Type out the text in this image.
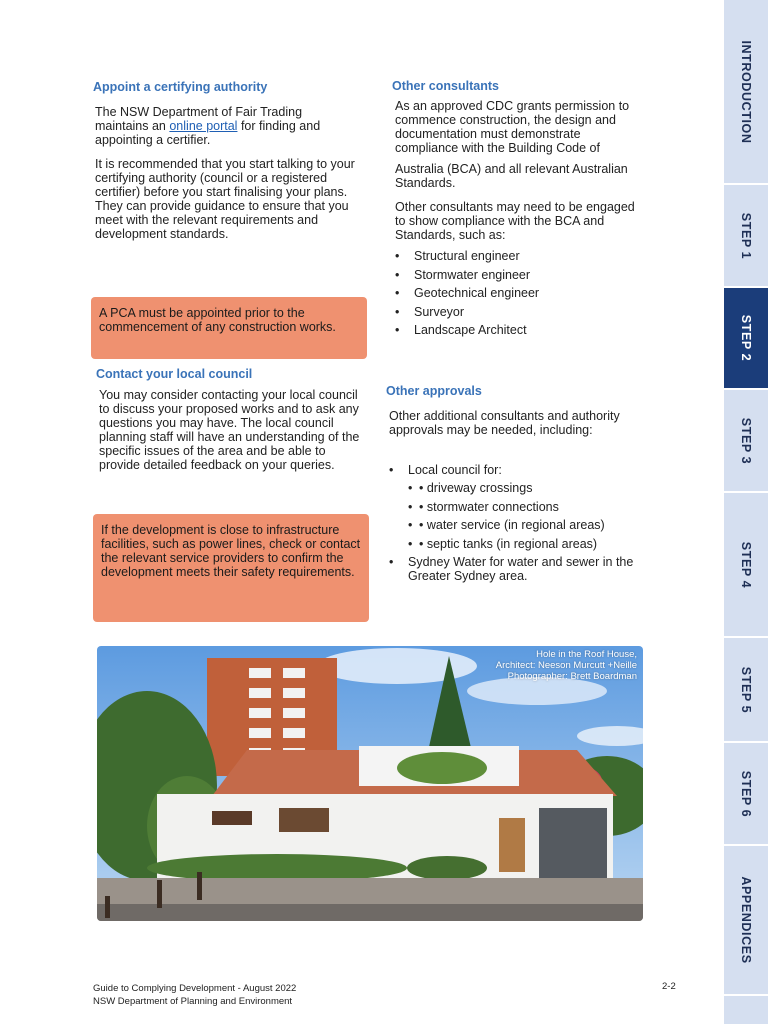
Appoint a certifying authority
The NSW Department of Fair Trading maintains an online portal for finding and appointing a certifier.
It is recommended that you start talking to your certifying authority (council or a registered certifier) before you start finalising your plans. They can provide guidance to ensure that you meet with the relevant requirements and development standards.
A PCA must be appointed prior to the commencement of any construction works.
Contact your local council
You may consider contacting your local council to discuss your proposed works and to ask any questions you may have. The local council planning staff will have an understanding of the specific issues of the area and be able to provide detailed feedback on your queries.
If the development is close to infrastructure facilities, such as power lines, check or contact the relevant service providers to confirm the development meets their safety requirements.
Other consultants
As an approved CDC grants permission to commence construction, the design and documentation must demonstrate compliance with the Building Code of
Australia (BCA) and all relevant Australian Standards.
Other consultants may need to be engaged to show compliance with the BCA and Standards, such as:
• Structural engineer
• Stormwater engineer
• Geotechnical engineer
• Surveyor
• Landscape Architect
Other approvals
Other additional consultants and authority approvals may be needed, including:
• Local council for:
• • driveway crossings
• • stormwater connections
• • water service (in regional areas)
• • septic tanks (in regional areas)
• Sydney Water for water and sewer in the Greater Sydney area.
Hole in the Roof House,
Architect: Neeson Murcutt +Neille
Photographer: Brett Boardman
Guide to Complying Development - August 2022
NSW Department of Planning and Environment
2-2
INTRODUCTION
STEP 1
STEP 2
STEP 3
STEP 4
STEP 5
STEP 6
APPENDICES
